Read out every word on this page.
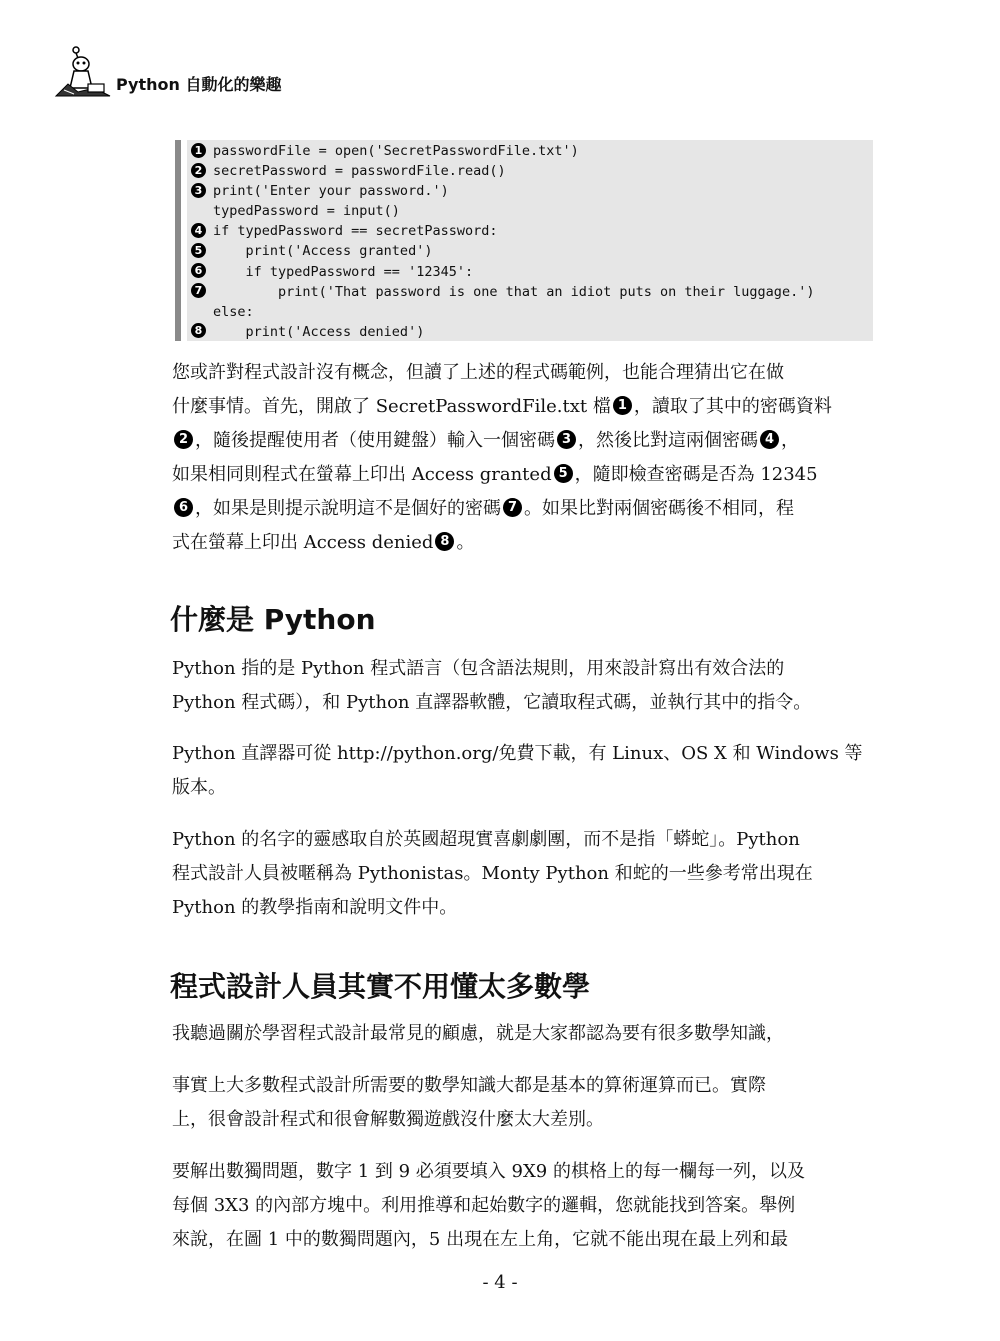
Python 自動化的樂趣
1 passwordFile = open('SecretPasswordFile.txt')
2 secretPassword = passwordFile.read()
3 print('Enter your password.')
typedPassword = input()
4 if typedPassword == secretPassword:
5    print('Access granted')
6    if typedPassword == '12345':
7        print('That password is one that an idiot puts on their luggage.')
else:
8    print('Access denied')
您或許對程式設計沒有概念，但讀了上述的程式碼範例，也能合理猜出它在做
什麼事情。首先，開啟了 SecretPasswordFile.txt 檔 1 ，讀取了其中的密碼資料
2 ，隨後提醒使用者（使用鍵盤）輸入一個密碼 3 ，然後比對這兩個密碼 4 ，
如果相同則程式在螢幕上印出 Access granted 5 ，隨即檢查密碼是否為 12345
6 ，如果是則提示說明這不是個好的密碼 7 。如果比對兩個密碼後不相同，程
式在螢幕上印出 Access denied 8 。
什麼是 Python
Python 指的是 Python 程式語言（包含語法規則，用來設計寫出有效合法的
Python 程式碼），和 Python 直譯器軟體，它讀取程式碼，並執行其中的指令。
Python 直譯器可從 http://python.org/免費下載，有 Linux、OS X 和 Windows 等
版本。
Python 的名字的靈感取自於英國超現實喜劇劇團，而不是指「蟒蛇」。Python
程式設計人員被暱稱為 Pythonistas。Monty Python 和蛇的一些參考常出現在
Python 的教學指南和說明文件中。
程式設計人員其實不用懂太多數學
我聽過關於學習程式設計最常見的顧慮，就是大家都認為要有很多數學知識，
事實上大多數程式設計所需要的數學知識大都是基本的算術運算而已。實際
上，很會設計程式和很會解數獨遊戲沒什麼太大差別。
要解出數獨問題，數字 1 到 9 必須要填入 9X9 的棋格上的每一欄每一列，以及
每個 3X3 的內部方塊中。利用推導和起始數字的邏輯，您就能找到答案。舉例
來說，在圖 1 中的數獨問題內，5 出現在左上角，它就不能出現在最上列和最
- 4 -
